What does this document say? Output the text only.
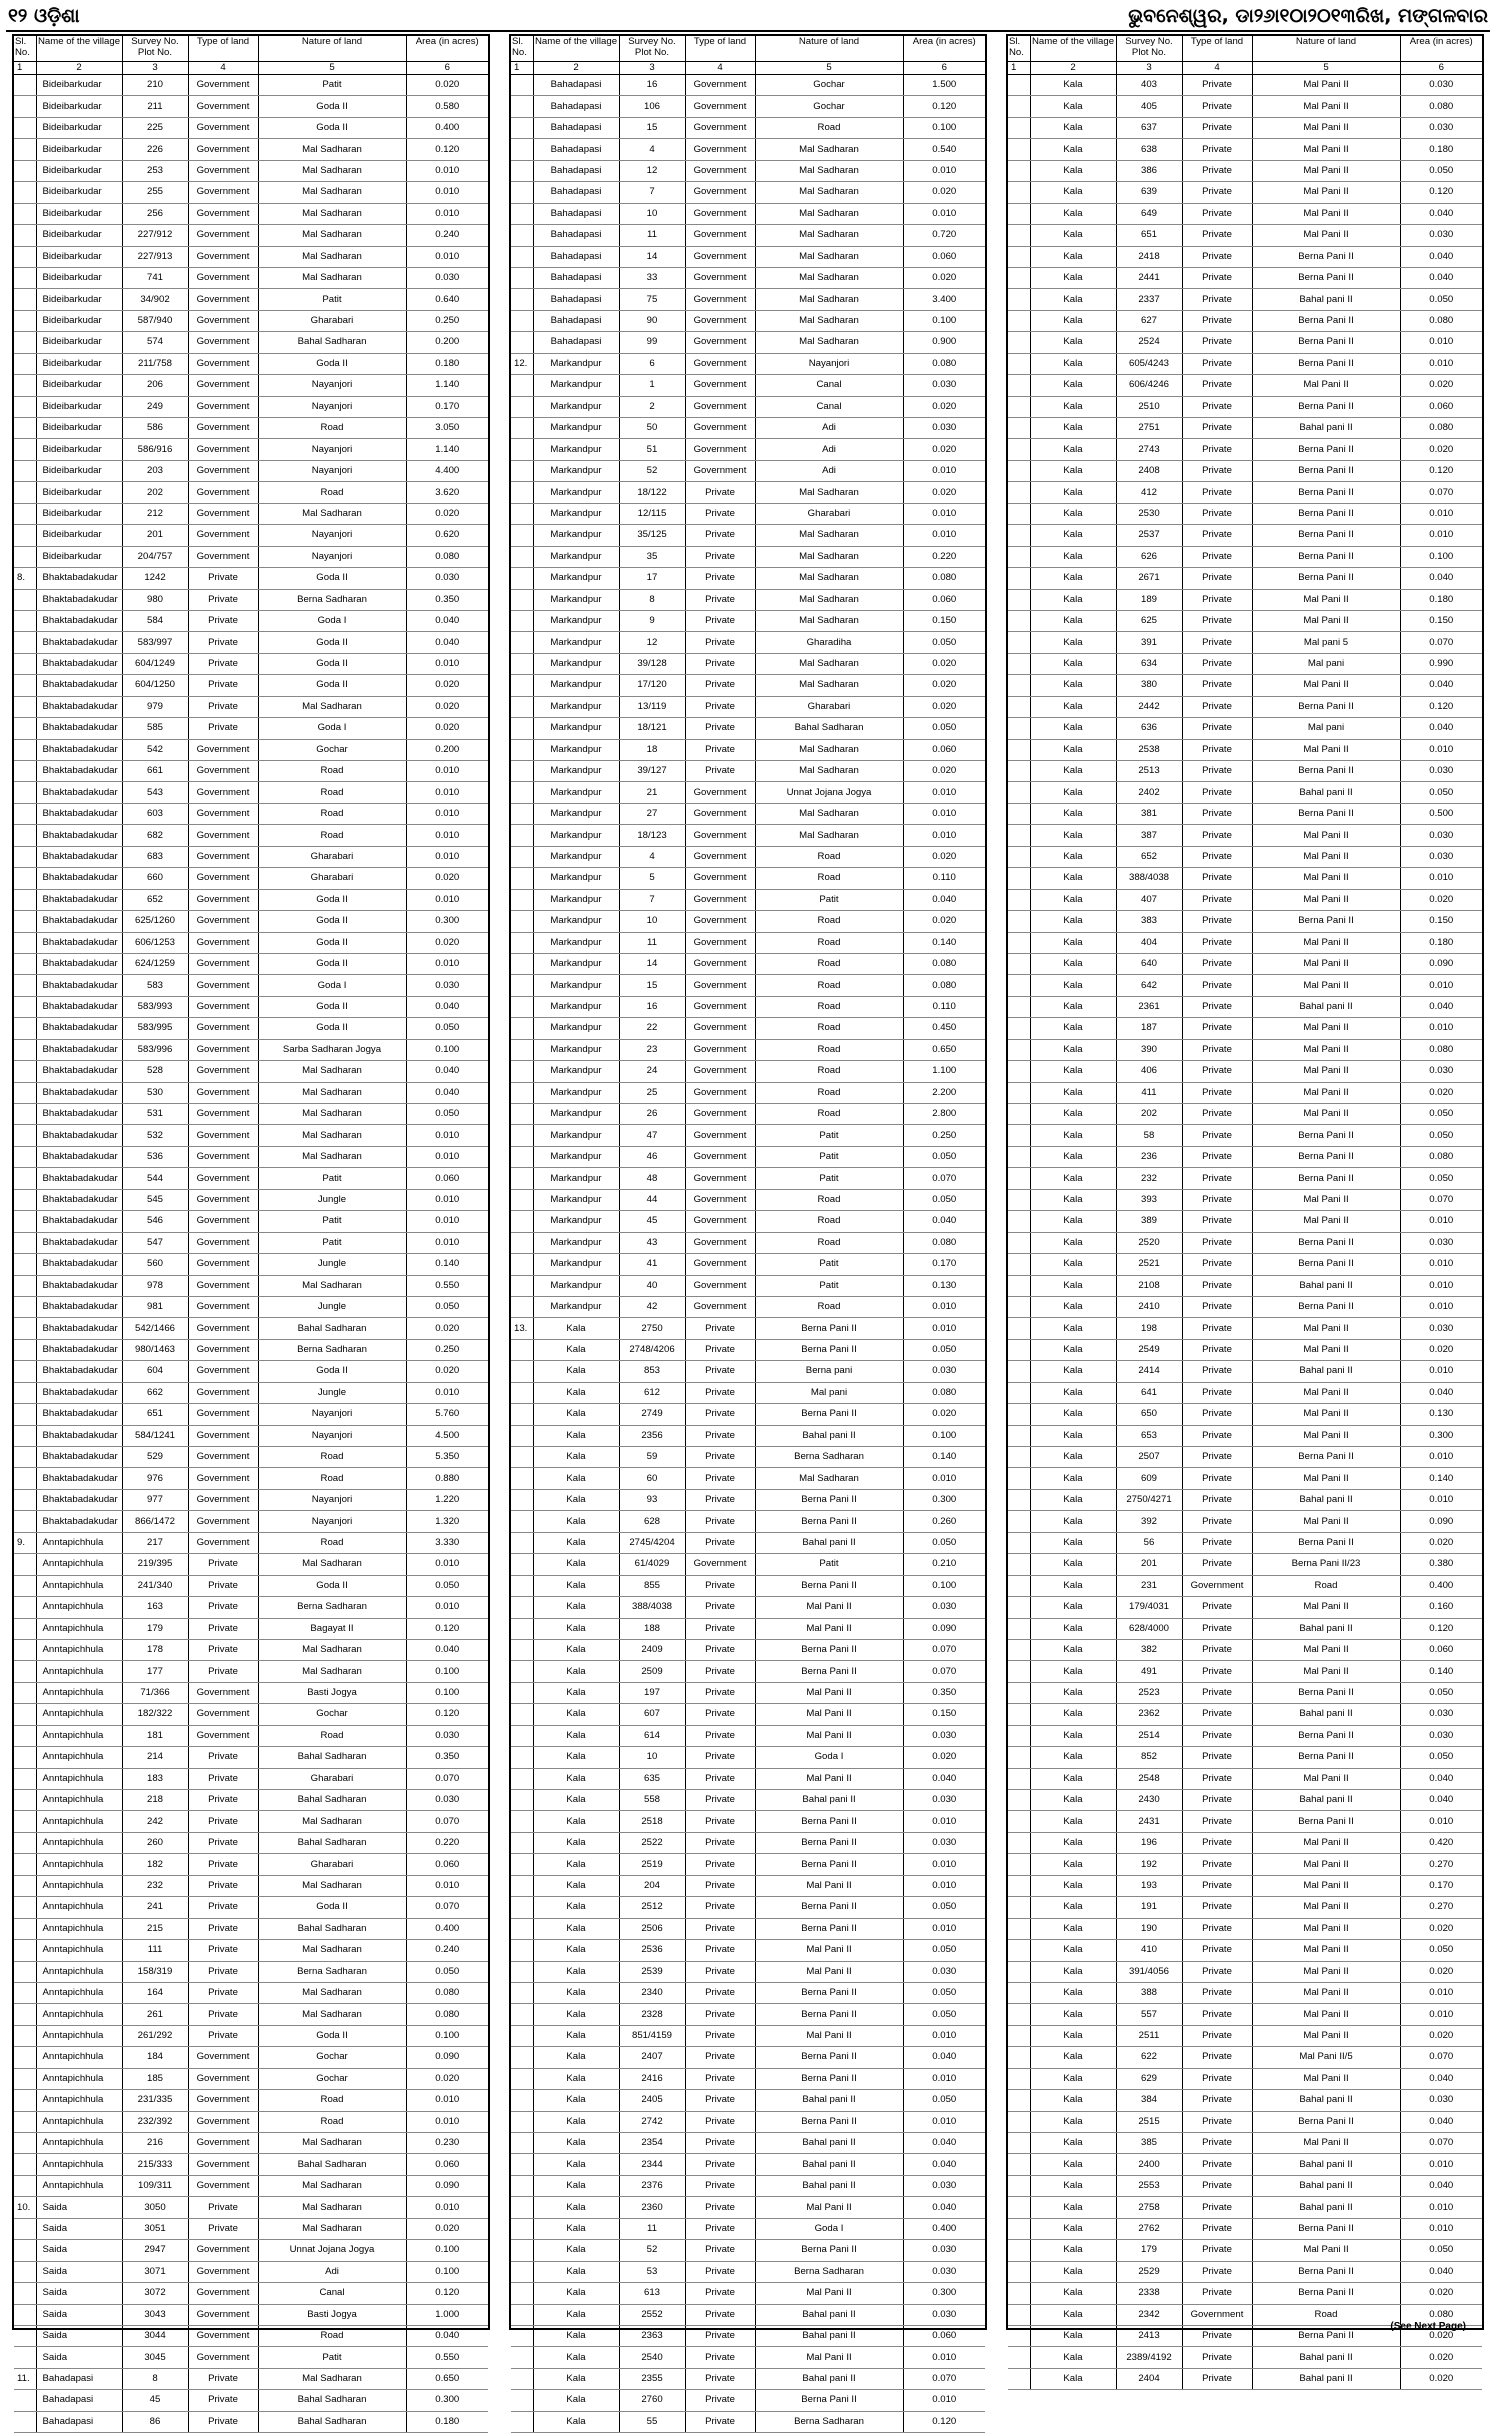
୧୨ ଓଡ଼ିଶା	ଭୁବନେଶ୍ୱର, ଡା୨୬ା୧୦ା୨୦୧୩ରିଖ, ମଙ୍ଗଳବାର
Sl. No.	Name of the village	Survey No. Plot No.	Type of land	Nature of land	Area (in acres)
1	2	3	4	5	6
	Bideibarkudar	210	Government	Patit	0.020
	Bideibarkudar	211	Government	Goda II	0.580
	Bideibarkudar	225	Government	Goda II	0.400
	Bideibarkudar	226	Government	Mal Sadharan	0.120
	Bideibarkudar	253	Government	Mal Sadharan	0.010
	Bideibarkudar	255	Government	Mal Sadharan	0.010
	Bideibarkudar	256	Government	Mal Sadharan	0.010
	Bideibarkudar	227/912	Government	Mal Sadharan	0.240
	Bideibarkudar	227/913	Government	Mal Sadharan	0.010
	Bideibarkudar	741	Government	Mal Sadharan	0.030
	Bideibarkudar	34/902	Government	Patit	0.640
	Bideibarkudar	587/940	Government	Gharabari	0.250
	Bideibarkudar	574	Government	Bahal Sadharan	0.200
	Bideibarkudar	211/758	Government	Goda II	0.180
	Bideibarkudar	206	Government	Nayanjori	1.140
	Bideibarkudar	249	Government	Nayanjori	0.170
	Bideibarkudar	586	Government	Road	3.050
	Bideibarkudar	586/916	Government	Nayanjori	1.140
	Bideibarkudar	203	Government	Nayanjori	4.400
	Bideibarkudar	202	Government	Road	3.620
	Bideibarkudar	212	Government	Mal Sadharan	0.020
	Bideibarkudar	201	Government	Nayanjori	0.620
	Bideibarkudar	204/757	Government	Nayanjori	0.080
8.	Bhaktabadakudar	1242	Private	Goda II	0.030
	Bhaktabadakudar	980	Private	Berna Sadharan	0.350
	Bhaktabadakudar	584	Private	Goda I	0.040
	Bhaktabadakudar	583/997	Private	Goda II	0.040
	Bhaktabadakudar	604/1249	Private	Goda II	0.010
	Bhaktabadakudar	604/1250	Private	Goda II	0.020
	Bhaktabadakudar	979	Private	Mal Sadharan	0.020
	Bhaktabadakudar	585	Private	Goda I	0.020
	Bhaktabadakudar	542	Government	Gochar	0.200
	Bhaktabadakudar	661	Government	Road	0.010
	Bhaktabadakudar	543	Government	Road	0.010
	Bhaktabadakudar	603	Government	Road	0.010
	Bhaktabadakudar	682	Government	Road	0.010
	Bhaktabadakudar	683	Government	Gharabari	0.010
	Bhaktabadakudar	660	Government	Gharabari	0.020
	Bhaktabadakudar	652	Government	Goda II	0.010
	Bhaktabadakudar	625/1260	Government	Goda II	0.300
	Bhaktabadakudar	606/1253	Government	Goda II	0.020
	Bhaktabadakudar	624/1259	Government	Goda II	0.010
	Bhaktabadakudar	583	Government	Goda I	0.030
	Bhaktabadakudar	583/993	Government	Goda II	0.040
	Bhaktabadakudar	583/995	Government	Goda II	0.050
	Bhaktabadakudar	583/996	Government	Sarba Sadharan Jogya	0.100
	Bhaktabadakudar	528	Government	Mal Sadharan	0.040
	Bhaktabadakudar	530	Government	Mal Sadharan	0.040
	Bhaktabadakudar	531	Government	Mal Sadharan	0.050
	Bhaktabadakudar	532	Government	Mal Sadharan	0.010
	Bhaktabadakudar	536	Government	Mal Sadharan	0.010
	Bhaktabadakudar	544	Government	Patit	0.060
	Bhaktabadakudar	545	Government	Jungle	0.010
	Bhaktabadakudar	546	Government	Patit	0.010
	Bhaktabadakudar	547	Government	Patit	0.010
	Bhaktabadakudar	560	Government	Jungle	0.140
	Bhaktabadakudar	978	Government	Mal Sadharan	0.550
	Bhaktabadakudar	981	Government	Jungle	0.050
	Bhaktabadakudar	542/1466	Government	Bahal Sadharan	0.020
	Bhaktabadakudar	980/1463	Government	Berna Sadharan	0.250
	Bhaktabadakudar	604	Government	Goda II	0.020
	Bhaktabadakudar	662	Government	Jungle	0.010
	Bhaktabadakudar	651	Government	Nayanjori	5.760
	Bhaktabadakudar	584/1241	Government	Nayanjori	4.500
	Bhaktabadakudar	529	Government	Road	5.350
	Bhaktabadakudar	976	Government	Road	0.880
	Bhaktabadakudar	977	Government	Nayanjori	1.220
	Bhaktabadakudar	866/1472	Government	Nayanjori	1.320
9.	Anntapichhula	217	Government	Road	3.330
	Anntapichhula	219/395	Private	Mal Sadharan	0.010
	Anntapichhula	241/340	Private	Goda II	0.050
	Anntapichhula	163	Private	Berna Sadharan	0.010
	Anntapichhula	179	Private	Bagayat II	0.120
	Anntapichhula	178	Private	Mal Sadharan	0.040
	Anntapichhula	177	Private	Mal Sadharan	0.100
	Anntapichhula	71/366	Government	Basti Jogya	0.100
	Anntapichhula	182/322	Government	Gochar	0.120
	Anntapichhula	181	Government	Road	0.030
	Anntapichhula	214	Private	Bahal Sadharan	0.350
	Anntapichhula	183	Private	Gharabari	0.070
	Anntapichhula	218	Private	Bahal Sadharan	0.030
	Anntapichhula	242	Private	Mal Sadharan	0.070
	Anntapichhula	260	Private	Bahal Sadharan	0.220
	Anntapichhula	182	Private	Gharabari	0.060
	Anntapichhula	232	Private	Mal Sadharan	0.010
	Anntapichhula	241	Private	Goda II	0.070
	Anntapichhula	215	Private	Bahal Sadharan	0.400
	Anntapichhula	111	Private	Mal Sadharan	0.240
	Anntapichhula	158/319	Private	Berna Sadharan	0.050
	Anntapichhula	164	Private	Mal Sadharan	0.080
	Anntapichhula	261	Private	Mal Sadharan	0.080
	Anntapichhula	261/292	Private	Goda II	0.100
	Anntapichhula	184	Government	Gochar	0.090
	Anntapichhula	185	Government	Gochar	0.020
	Anntapichhula	231/335	Government	Road	0.010
	Anntapichhula	232/392	Government	Road	0.010
	Anntapichhula	216	Government	Mal Sadharan	0.230
	Anntapichhula	215/333	Government	Bahal Sadharan	0.060
	Anntapichhula	109/311	Government	Mal Sadharan	0.090
10.	Saida	3050	Private	Mal Sadharan	0.010
	Saida	3051	Private	Mal Sadharan	0.020
	Saida	2947	Government	Unnat Jojana Jogya	0.100
	Saida	3071	Government	Adi	0.100
	Saida	3072	Government	Canal	0.120
	Saida	3043	Government	Basti Jogya	1.000
	Saida	3044	Government	Road	0.040
	Saida	3045	Government	Patit	0.550
11.	Bahadapasi	8	Private	Mal Sadharan	0.650
	Bahadapasi	45	Private	Bahal Sadharan	0.300
	Bahadapasi	86	Private	Bahal Sadharan	0.180
Sl. No.	Name of the village	Survey No. Plot No.	Type of land	Nature of land	Area (in acres)
1	2	3	4	5	6
	Bahadapasi	16	Government	Gochar	1.500
	Bahadapasi	106	Government	Gochar	0.120
	Bahadapasi	15	Government	Road	0.100
	Bahadapasi	4	Government	Mal Sadharan	0.540
	Bahadapasi	12	Government	Mal Sadharan	0.010
	Bahadapasi	7	Government	Mal Sadharan	0.020
	Bahadapasi	10	Government	Mal Sadharan	0.010
	Bahadapasi	11	Government	Mal Sadharan	0.720
	Bahadapasi	14	Government	Mal Sadharan	0.060
	Bahadapasi	33	Government	Mal Sadharan	0.020
	Bahadapasi	75	Government	Mal Sadharan	3.400
	Bahadapasi	90	Government	Mal Sadharan	0.100
	Bahadapasi	99	Government	Mal Sadharan	0.900
12.	Markandpur	6	Government	Nayanjori	0.080
	Markandpur	1	Government	Canal	0.030
	Markandpur	2	Government	Canal	0.020
	Markandpur	50	Government	Adi	0.030
	Markandpur	51	Government	Adi	0.020
	Markandpur	52	Government	Adi	0.010
	Markandpur	18/122	Private	Mal Sadharan	0.020
	Markandpur	12/115	Private	Gharabari	0.010
	Markandpur	35/125	Private	Mal Sadharan	0.010
	Markandpur	35	Private	Mal Sadharan	0.220
	Markandpur	17	Private	Mal Sadharan	0.080
	Markandpur	8	Private	Mal Sadharan	0.060
	Markandpur	9	Private	Mal Sadharan	0.150
	Markandpur	12	Private	Gharadiha	0.050
	Markandpur	39/128	Private	Mal Sadharan	0.020
	Markandpur	17/120	Private	Mal Sadharan	0.020
	Markandpur	13/119	Private	Gharabari	0.020
	Markandpur	18/121	Private	Bahal Sadharan	0.050
	Markandpur	18	Private	Mal Sadharan	0.060
	Markandpur	39/127	Private	Mal Sadharan	0.020
	Markandpur	21	Government	Unnat Jojana Jogya	0.010
	Markandpur	27	Government	Mal Sadharan	0.010
	Markandpur	18/123	Government	Mal Sadharan	0.010
	Markandpur	4	Government	Road	0.020
	Markandpur	5	Government	Road	0.110
	Markandpur	7	Government	Patit	0.040
	Markandpur	10	Government	Road	0.020
	Markandpur	11	Government	Road	0.140
	Markandpur	14	Government	Road	0.080
	Markandpur	15	Government	Road	0.080
	Markandpur	16	Government	Road	0.110
	Markandpur	22	Government	Road	0.450
	Markandpur	23	Government	Road	0.650
	Markandpur	24	Government	Road	1.100
	Markandpur	25	Government	Road	2.200
	Markandpur	26	Government	Road	2.800
	Markandpur	47	Government	Patit	0.250
	Markandpur	46	Government	Patit	0.050
	Markandpur	48	Government	Patit	0.070
	Markandpur	44	Government	Road	0.050
	Markandpur	45	Government	Road	0.040
	Markandpur	43	Government	Road	0.080
	Markandpur	41	Government	Patit	0.170
	Markandpur	40	Government	Patit	0.130
	Markandpur	42	Government	Road	0.010
13.	Kala	2750	Private	Berna Pani II	0.010
	Kala	2748/4206	Private	Berna Pani II	0.050
	Kala	853	Private	Berna pani	0.030
	Kala	612	Private	Mal pani	0.080
	Kala	2749	Private	Berna Pani II	0.020
	Kala	2356	Private	Bahal pani II	0.100
	Kala	59	Private	Berna Sadharan	0.140
	Kala	60	Private	Mal Sadharan	0.010
	Kala	93	Private	Berna Pani II	0.300
	Kala	628	Private	Berna Pani II	0.260
	Kala	2745/4204	Private	Bahal pani II	0.050
	Kala	61/4029	Government	Patit	0.210
	Kala	855	Private	Berna Pani II	0.100
	Kala	388/4038	Private	Mal Pani II	0.030
	Kala	188	Private	Mal Pani II	0.090
	Kala	2409	Private	Berna Pani II	0.070
	Kala	2509	Private	Berna Pani II	0.070
	Kala	197	Private	Mal Pani II	0.350
	Kala	607	Private	Mal Pani II	0.150
	Kala	614	Private	Mal Pani II	0.030
	Kala	10	Private	Goda I	0.020
	Kala	635	Private	Mal Pani II	0.040
	Kala	558	Private	Bahal pani II	0.030
	Kala	2518	Private	Berna Pani II	0.010
	Kala	2522	Private	Berna Pani II	0.030
	Kala	2519	Private	Berna Pani II	0.010
	Kala	204	Private	Mal Pani II	0.010
	Kala	2512	Private	Berna Pani II	0.050
	Kala	2506	Private	Berna Pani II	0.010
	Kala	2536	Private	Mal Pani II	0.050
	Kala	2539	Private	Mal Pani II	0.030
	Kala	2340	Private	Berna Pani II	0.050
	Kala	2328	Private	Berna Pani II	0.050
	Kala	851/4159	Private	Mal Pani II	0.010
	Kala	2407	Private	Berna Pani II	0.040
	Kala	2416	Private	Berna Pani II	0.010
	Kala	2405	Private	Bahal pani II	0.050
	Kala	2742	Private	Berna Pani II	0.010
	Kala	2354	Private	Bahal pani II	0.040
	Kala	2344	Private	Bahal pani II	0.040
	Kala	2376	Private	Bahal pani II	0.030
	Kala	2360	Private	Mal Pani II	0.040
	Kala	11	Private	Goda I	0.400
	Kala	52	Private	Berna Pani II	0.030
	Kala	53	Private	Berna Sadharan	0.030
	Kala	613	Private	Mal Pani II	0.300
	Kala	2552	Private	Bahal pani II	0.030
	Kala	2363	Private	Bahal pani II	0.060
	Kala	2540	Private	Mal Pani II	0.010
	Kala	2355	Private	Bahal pani II	0.070
	Kala	2760	Private	Berna Pani II	0.010
	Kala	55	Private	Berna Sadharan	0.120
Sl. No.	Name of the village	Survey No. Plot No.	Type of land	Nature of land	Area (in acres)
1	2	3	4	5	6
	Kala	403	Private	Mal Pani II	0.030
	Kala	405	Private	Mal Pani II	0.080
	Kala	637	Private	Mal Pani II	0.030
	Kala	638	Private	Mal Pani II	0.180
	Kala	386	Private	Mal Pani II	0.050
	Kala	639	Private	Mal Pani II	0.120
	Kala	649	Private	Mal Pani II	0.040
	Kala	651	Private	Mal Pani II	0.030
	Kala	2418	Private	Berna Pani II	0.040
	Kala	2441	Private	Berna Pani II	0.040
	Kala	2337	Private	Bahal pani II	0.050
	Kala	627	Private	Berna Pani II	0.080
	Kala	2524	Private	Berna Pani II	0.010
	Kala	605/4243	Private	Berna Pani II	0.010
	Kala	606/4246	Private	Mal Pani II	0.020
	Kala	2510	Private	Berna Pani II	0.060
	Kala	2751	Private	Bahal pani II	0.080
	Kala	2743	Private	Berna Pani II	0.020
	Kala	2408	Private	Berna Pani II	0.120
	Kala	412	Private	Berna Pani II	0.070
	Kala	2530	Private	Berna Pani II	0.010
	Kala	2537	Private	Berna Pani II	0.010
	Kala	626	Private	Berna Pani II	0.100
	Kala	2671	Private	Berna Pani II	0.040
	Kala	189	Private	Mal Pani II	0.180
	Kala	625	Private	Mal Pani II	0.150
	Kala	391	Private	Mal pani 5	0.070
	Kala	634	Private	Mal pani	0.990
	Kala	380	Private	Mal Pani II	0.040
	Kala	2442	Private	Berna Pani II	0.120
	Kala	636	Private	Mal pani	0.040
	Kala	2538	Private	Mal Pani II	0.010
	Kala	2513	Private	Berna Pani II	0.030
	Kala	2402	Private	Bahal pani II	0.050
	Kala	381	Private	Berna Pani II	0.500
	Kala	387	Private	Mal Pani II	0.030
	Kala	652	Private	Mal Pani II	0.030
	Kala	388/4038	Private	Mal Pani II	0.010
	Kala	407	Private	Mal Pani II	0.020
	Kala	383	Private	Berna Pani II	0.150
	Kala	404	Private	Mal Pani II	0.180
	Kala	640	Private	Mal Pani II	0.090
	Kala	642	Private	Mal Pani II	0.010
	Kala	2361	Private	Bahal pani II	0.040
	Kala	187	Private	Mal Pani II	0.010
	Kala	390	Private	Mal Pani II	0.080
	Kala	406	Private	Mal Pani II	0.030
	Kala	411	Private	Mal Pani II	0.020
	Kala	202	Private	Mal Pani II	0.050
	Kala	58	Private	Berna Pani II	0.050
	Kala	236	Private	Berna Pani II	0.080
	Kala	232	Private	Berna Pani II	0.050
	Kala	393	Private	Mal Pani II	0.070
	Kala	389	Private	Mal Pani II	0.010
	Kala	2520	Private	Berna Pani II	0.030
	Kala	2521	Private	Berna Pani II	0.010
	Kala	2108	Private	Bahal pani II	0.010
	Kala	2410	Private	Berna Pani II	0.010
	Kala	198	Private	Mal Pani II	0.030
	Kala	2549	Private	Mal Pani II	0.020
	Kala	2414	Private	Bahal pani II	0.010
	Kala	641	Private	Mal Pani II	0.040
	Kala	650	Private	Mal Pani II	0.130
	Kala	653	Private	Mal Pani II	0.300
	Kala	2507	Private	Berna Pani II	0.010
	Kala	609	Private	Mal Pani II	0.140
	Kala	2750/4271	Private	Bahal pani II	0.010
	Kala	392	Private	Mal Pani II	0.090
	Kala	56	Private	Berna Pani II	0.020
	Kala	201	Private	Berna Pani II/23	0.380
	Kala	231	Government	Road	0.400
	Kala	179/4031	Private	Mal Pani II	0.160
	Kala	628/4000	Private	Bahal pani II	0.120
	Kala	382	Private	Mal Pani II	0.060
	Kala	491	Private	Mal Pani II	0.140
	Kala	2523	Private	Berna Pani II	0.050
	Kala	2362	Private	Bahal pani II	0.030
	Kala	2514	Private	Berna Pani II	0.030
	Kala	852	Private	Berna Pani II	0.050
	Kala	2548	Private	Mal Pani II	0.040
	Kala	2430	Private	Bahal pani II	0.040
	Kala	2431	Private	Berna Pani II	0.010
	Kala	196	Private	Mal Pani II	0.420
	Kala	192	Private	Mal Pani II	0.270
	Kala	193	Private	Mal Pani II	0.170
	Kala	191	Private	Mal Pani II	0.270
	Kala	190	Private	Mal Pani II	0.020
	Kala	410	Private	Mal Pani II	0.050
	Kala	391/4056	Private	Mal Pani II	0.020
	Kala	388	Private	Mal Pani II	0.010
	Kala	557	Private	Mal Pani II	0.010
	Kala	2511	Private	Mal Pani II	0.020
	Kala	622	Private	Mal Pani II/5	0.070
	Kala	629	Private	Mal Pani II	0.040
	Kala	384	Private	Bahal pani II	0.030
	Kala	2515	Private	Berna Pani II	0.040
	Kala	385	Private	Mal Pani II	0.070
	Kala	2400	Private	Bahal pani II	0.010
	Kala	2553	Private	Bahal pani II	0.040
	Kala	2758	Private	Bahal pani II	0.010
	Kala	2762	Private	Berna Pani II	0.010
	Kala	179	Private	Mal Pani II	0.050
	Kala	2529	Private	Berna Pani II	0.040
	Kala	2338	Private	Berna Pani II	0.020
	Kala	2342	Government	Road	0.080
	Kala	2413	Private	Berna Pani II	0.020
	Kala	2389/4192	Private	Bahal pani II	0.020
	Kala	2404	Private	Bahal pani II	0.020
(See Next Page)
